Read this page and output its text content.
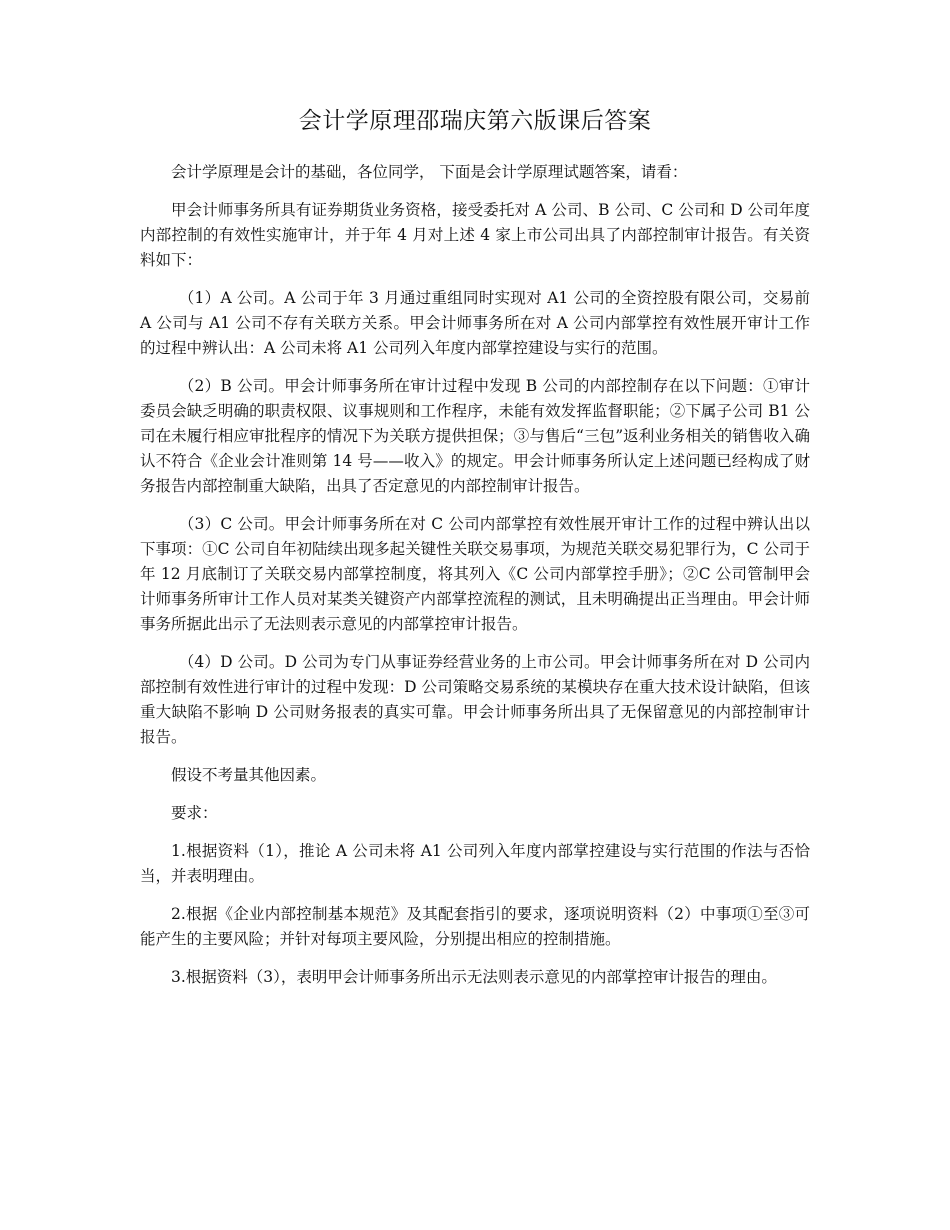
会计学原理邵瑞庆第六版课后答案

会计学原理是会计的基础，各位同学， 下面是会计学原理试题答案，请看：

甲会计师事务所具有证券期货业务资格，接受委托对 A 公司、B 公司、C 公司和 D 公司年度内部控制的有效性实施审计，并于年 4 月对上述 4 家上市公司出具了内部控制审计报告。有关资料如下：

（1）A 公司。A 公司于年 3 月通过重组同时实现对 A1 公司的全资控股有限公司，交易前 A 公司与 A1 公司不存有关联方关系。甲会计师事务所在对 A 公司内部掌控有效性展开审计工作的过程中辨认出：A 公司未将 A1 公司列入年度内部掌控建设与实行的范围。

（2）B 公司。甲会计师事务所在审计过程中发现 B 公司的内部控制存在以下问题：①审计委员会缺乏明确的职责权限、议事规则和工作程序，未能有效发挥监督职能；②下属子公司 B1 公司在未履行相应审批程序的情况下为关联方提供担保；③与售后“三包”返利业务相关的销售收入确认不符合《企业会计准则第 14 号——收入》的规定。甲会计师事务所认定上述问题已经构成了财务报告内部控制重大缺陷，出具了否定意见的内部控制审计报告。

（3）C 公司。甲会计师事务所在对 C 公司内部掌控有效性展开审计工作的过程中辨认出以下事项：①C 公司自年初陆续出现多起关键性关联交易事项，为规范关联交易犯罪行为，C 公司于年 12 月底制订了关联交易内部掌控制度，将其列入《C 公司内部掌控手册》；②C 公司管制甲会计师事务所审计工作人员对某类关键资产内部掌控流程的测试，且未明确提出正当理由。甲会计师事务所据此出示了无法则表示意见的内部掌控审计报告。

（4）D 公司。D 公司为专门从事证券经营业务的上市公司。甲会计师事务所在对 D 公司内部控制有效性进行审计的过程中发现：D 公司策略交易系统的某模块存在重大技术设计缺陷，但该重大缺陷不影响 D 公司财务报表的真实可靠。甲会计师事务所出具了无保留意见的内部控制审计报告。

假设不考量其他因素。

要求：

1.根据资料（1），推论 A 公司未将 A1 公司列入年度内部掌控建设与实行范围的作法与否恰当，并表明理由。

2.根据《企业内部控制基本规范》及其配套指引的要求，逐项说明资料（2）中事项①至③可能产生的主要风险；并针对每项主要风险，分别提出相应的控制措施。

3.根据资料（3），表明甲会计师事务所出示无法则表示意见的内部掌控审计报告的理由。
